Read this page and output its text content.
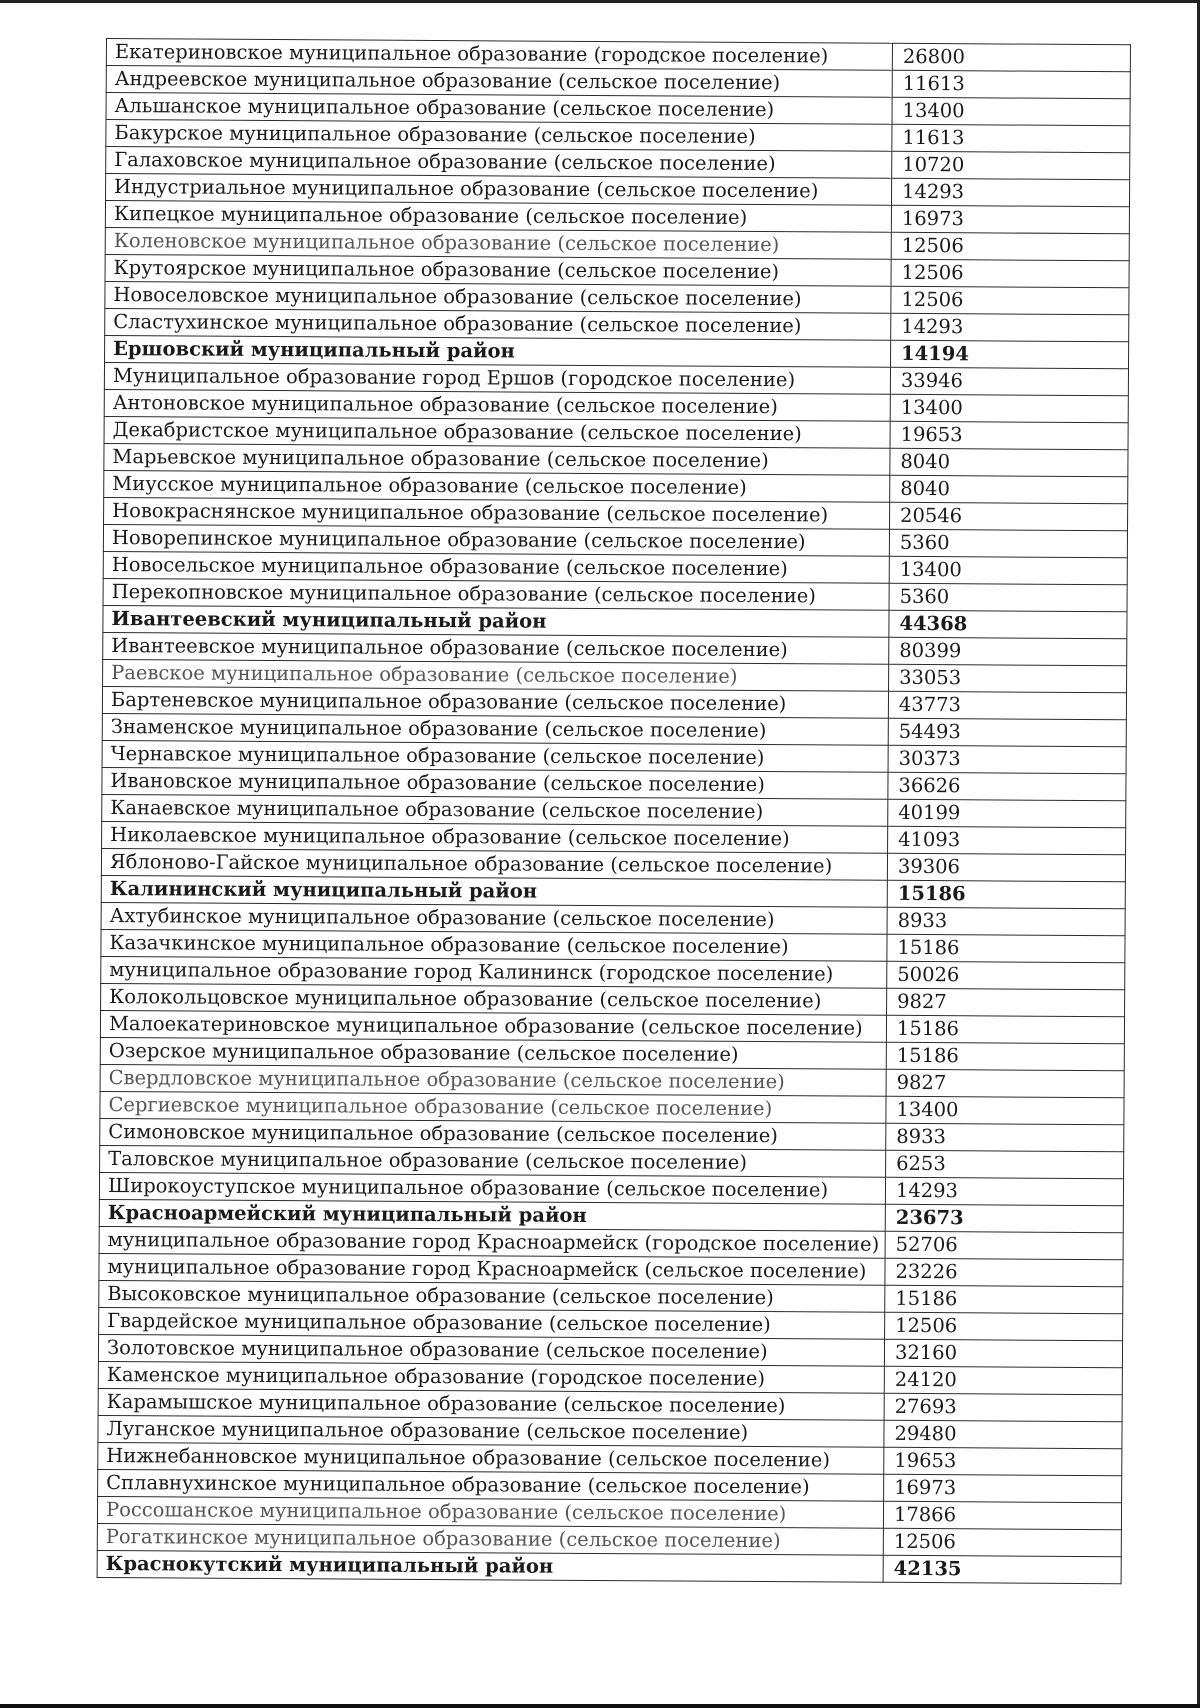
Екатериновское муниципальное образование (городское поселение)	26800
Андреевское муниципальное образование (сельское поселение)	11613
Альшанское муниципальное образование (сельское поселение)	13400
Бакурское муниципальное образование (сельское поселение)	11613
Галаховское муниципальное образование (сельское поселение)	10720
Индустриальное муниципальное образование (сельское поселение)	14293
Кипецкое муниципальное образование (сельское поселение)	16973
Коленовское муниципальное образование (сельское поселение)	12506
Крутоярское муниципальное образование (сельское поселение)	12506
Новоселовское муниципальное образование (сельское поселение)	12506
Сластухинское муниципальное образование (сельское поселение)	14293
Ершовский муниципальный район	14194
Муниципальное образование город Ершов (городское поселение)	33946
Антоновское муниципальное образование (сельское поселение)	13400
Декабристское муниципальное образование (сельское поселение)	19653
Марьевское муниципальное образование (сельское поселение)	8040
Миусское муниципальное образование (сельское поселение)	8040
Новокраснянское муниципальное образование (сельское поселение)	20546
Новорепинское муниципальное образование (сельское поселение)	5360
Новосельское муниципальное образование (сельское поселение)	13400
Перекопновское муниципальное образование (сельское поселение)	5360
Ивантеевский муниципальный район	44368
Ивантеевское муниципальное образование (сельское поселение)	80399
Раевское муниципальное образование (сельское поселение)	33053
Бартеневское муниципальное образование (сельское поселение)	43773
Знаменское муниципальное образование (сельское поселение)	54493
Чернавское муниципальное образование (сельское поселение)	30373
Ивановское муниципальное образование (сельское поселение)	36626
Канаевское муниципальное образование (сельское поселение)	40199
Николаевское муниципальное образование (сельское поселение)	41093
Яблоново-Гайское муниципальное образование (сельское поселение)	39306
Калининский муниципальный район	15186
Ахтубинское муниципальное образование (сельское поселение)	8933
Казачкинское муниципальное образование (сельское поселение)	15186
муниципальное образование город Калининск (городское поселение)	50026
Колокольцовское муниципальное образование (сельское поселение)	9827
Малоекатериновское муниципальное образование (сельское поселение)	15186
Озерское муниципальное образование (сельское поселение)	15186
Свердловское муниципальное образование (сельское поселение)	9827
Сергиевское муниципальное образование (сельское поселение)	13400
Симоновское муниципальное образование (сельское поселение)	8933
Таловское муниципальное образование (сельское поселение)	6253
Широкоуступское муниципальное образование (сельское поселение)	14293
Красноармейский муниципальный район	23673
муниципальное образование город Красноармейск (городское поселение)	52706
муниципальное образование город Красноармейск (сельское поселение)	23226
Высоковское муниципальное образование (сельское поселение)	15186
Гвардейское муниципальное образование (сельское поселение)	12506
Золотовское муниципальное образование (сельское поселение)	32160
Каменское муниципальное образование (городское поселение)	24120
Карамышское муниципальное образование (сельское поселение)	27693
Луганское муниципальное образование (сельское поселение)	29480
Нижнебанновское муниципальное образование (сельское поселение)	19653
Сплавнухинское муниципальное образование (сельское поселение)	16973
Россошанское муниципальное образование (сельское поселение)	17866
Рогаткинское муниципальное образование (сельское поселение)	12506
Краснокутский муниципальный район	42135
